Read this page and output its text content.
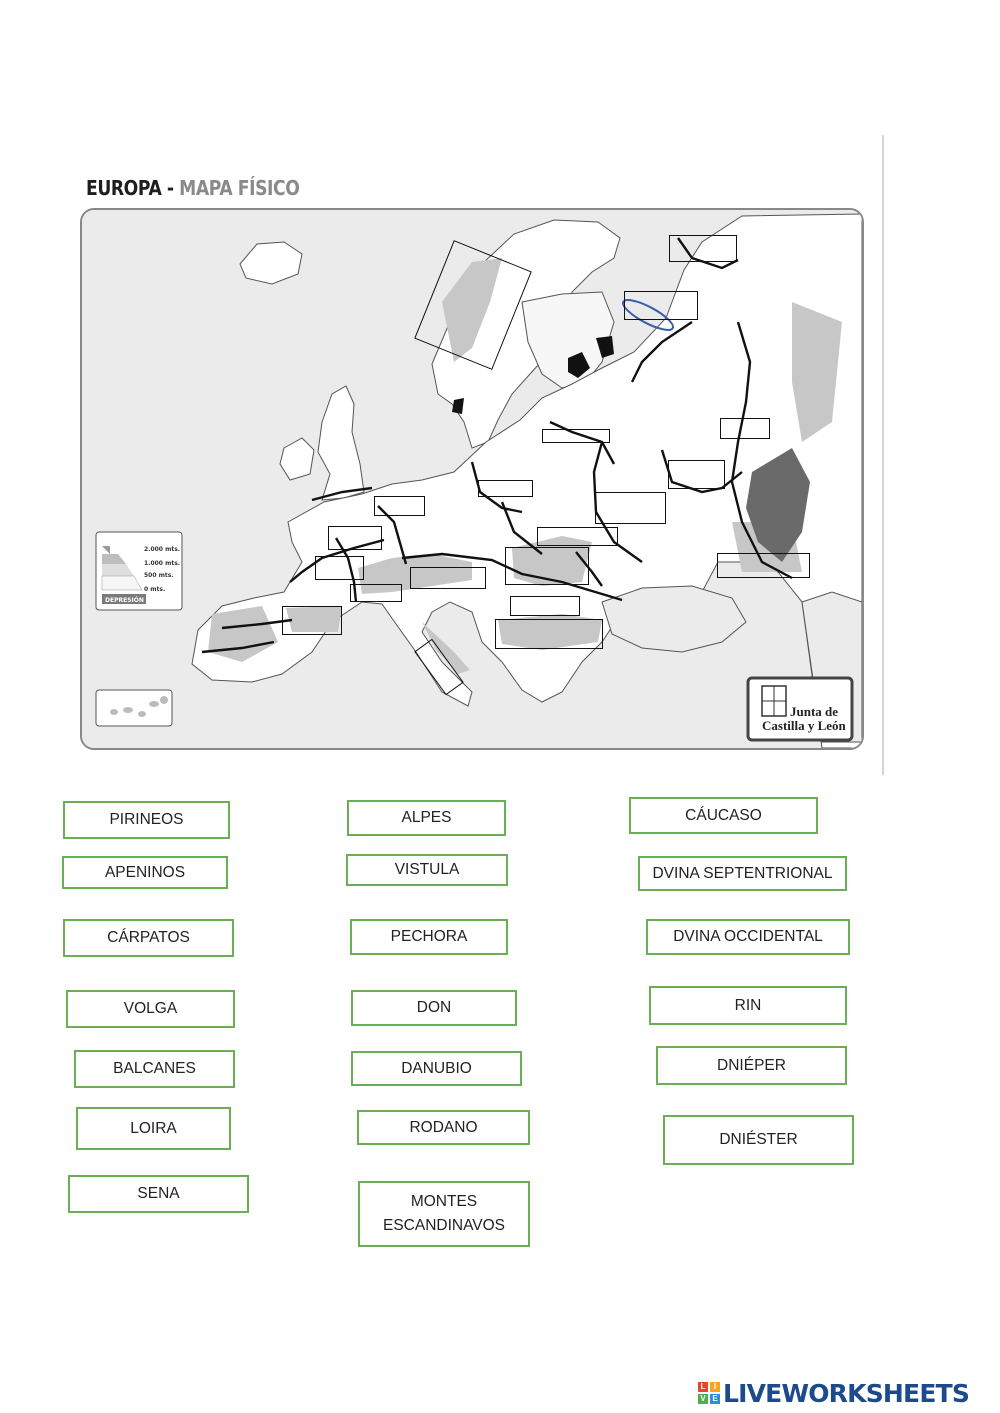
EUROPA - MAPA FÍSICO
2.000 mts.
1.000 mts.
500 mts.
0 mts.
DEPRESIÓN
Junta de
Castilla y León
PIRINEOS	ALPES	CÁUCASO
APENINOS	VISTULA	DVINA SEPTENTRIONAL
CÁRPATOS	PECHORA	DVINA OCCIDENTAL
VOLGA	DON	RIN
BALCANES	DANUBIO	DNIÉPER
LOIRA	RODANO
DNIÉSTER
SENA	MONTES
ESCANDINAVOS
L	I
V E LIVEWORKSHEETS
